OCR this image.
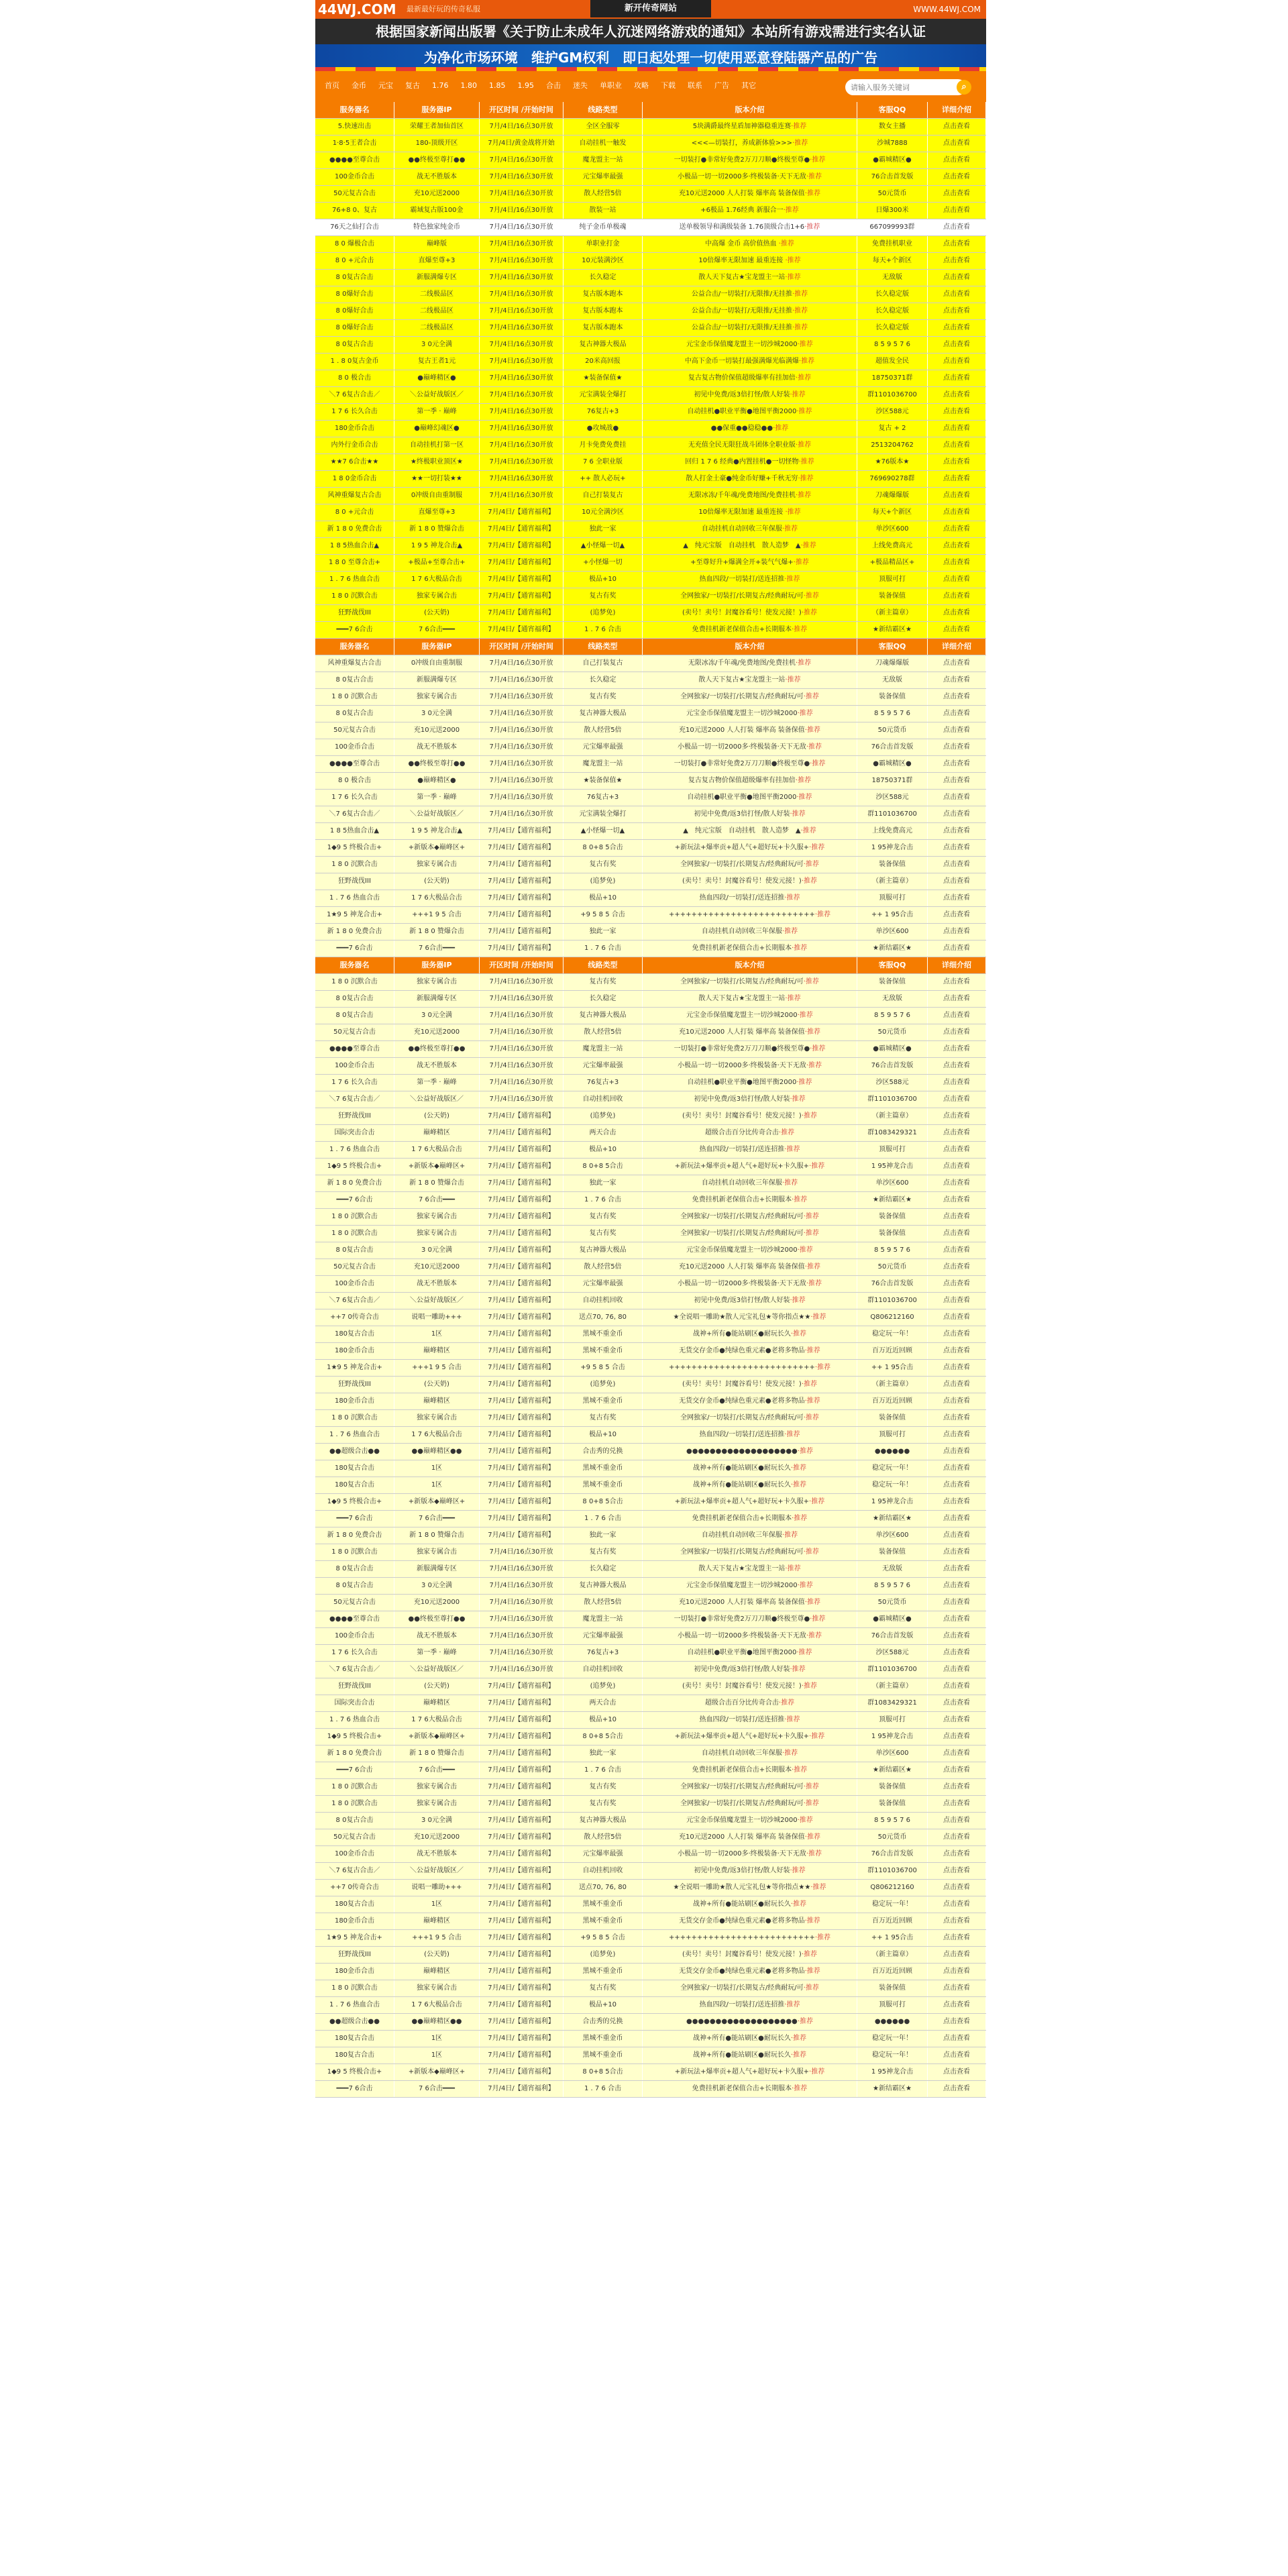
44WJ.COM 最新最好玩的传奇私服	新开传奇网站	WWW.44WJ.COM
根据国家新闻出版署《关于防止未成年人沉迷网络游戏的通知》本站所有游戏需进行实名认证
为净化市场环境　维护GM权利　即日起处理一切使用恶意登陆器产品的广告
首页	金币	元宝	复古	1.76	1.80	1.85	1.95	合击	迷失	单职业	攻略	下载	联系	广告	其它
请输入服务关键词	⌕
服务器名	服务器IP	开区时间 /开始时间	线路类型	版本介绍	客服QQ	详细介绍
5.快速出击	荣耀王者加仙首区	7月/4日/16点30开放	全区全服零	5块满爵最终星盾加神器稳重连赛·推荐	数女主播	点击查看
1·8·5王者合击	180-顶级开区	7月/4日/黄金战将开始	自动挂机一触发	<<<—切装打，养成新体验>>>·推荐	沙城7888	点击查看
●●●●至尊合击	●●终极至尊打●●	7月/4日/16点30开放	魔龙盟主一站	一切装打●非常好免费2万刀刀顺●终极至尊●·推荐	●霸城精区●	点击查看
100金币合击	战无不胜版本	7月/4日/16点30开放	元宝爆率最强	小极品一切一切2000多·终极装备·天下无敌·推荐	76合击首发版	点击查看
50元复古合击	充10元送2000	7月/4日/16点30开放	散人经营5倍	充10元送2000 人人打装 爆率高 装备保值·推荐	50元货币	点击查看
76+8 0、复古	霸域复古版100金	7月/4日/16点30开放	散装一站	+6极品 1.76经典 新服合一·推荐	日爆300米	点击查看
76天之仙打合击	特色独家纯金币	7月/4日/16点30开放	纯子金币单极魂	送单极领导和满级装备 1.76顶级合击1+6·推荐	667099993群	点击查看
8 0 爆极合击	巅峰版	7月/4日/16点30开放	单职业打金	中高爆 金币 高价值热血 ·推荐	免费挂机职业	点击查看
8 0 +元合击	直爆至尊+3	7月/4日/16点30开放	10元装满沙区	10倍爆率无限加速 最重连接 ·推荐	每天+个新区	点击查看
8 0复古合击	新服满爆专区	7月/4日/16点30开放	长久稳定	散人天下复古★宝龙盟主一站·推荐	无敌版	点击查看
8 0爆好合击	二线极品区	7月/4日/16点30开放	复古版本跑本	公益合击/一切装打/无限推/无挂推·推荐	长久稳定版	点击查看
8 0爆好合击	二线极品区	7月/4日/16点30开放	复古版本跑本	公益合击/一切装打/无限推/无挂推·推荐	长久稳定版	点击查看
8 0爆好合击	二线极品区	7月/4日/16点30开放	复古版本跑本	公益合击/一切装打/无限推/无挂推·推荐	长久稳定版	点击查看
8 0复古合击	3 0元全满	7月/4日/16点30开放	复古神器大极品	元宝金币保值魔龙盟主一切沙城2000·推荐	8 5 9 5 7 6	点击查看
1 . 8 0复古金币	复古王者1元	7月/4日/16点30开放	20米高回报	中高下金币一切装打最强满爆光临满爆·推荐	超值发全民	点击查看
8 0 极合击	●巅峰精区●	7月/4日/16点30开放	★装备保值★	复古复古物价保值超级爆率有挂加倍·推荐	18750371群	点击查看
＼7 6复古合击／	＼公益好战版区／	7月/4日/16点30开放	元宝满装全爆打	初见中免费/返3倍打怪/散人好装·推荐	群1101036700	点击查看
1 7 6 长久合击	第一季 · 巅峰	7月/4日/16点30开放	76复古+3	自动挂机●职业平衡●地图平衡2000·推荐	沙区588元	点击查看
180金币合击	●巅峰幻魂区●	7月/4日/16点30开放	●攻城战●	●●保重●●稳稳●●·推荐	复古 + 2	点击查看
内外行金币合击	自动挂机打第一区	7月/4日/16点30开放	月卡免费免费挂	无充值全民无限狂战斗团体全职业版·推荐	2513204762	点击查看
★★7 6合击★★	★终极职业顶区★	7月/4日/16点30开放	7 6 全职业版	回归 1 7 6 经典●内置挂机●一切怪物·推荐	★76版本★	点击查看
1 8 0金币合击	★★一切打装★★	7月/4日/16点30开放	++ 散人必玩+	散人打金土豪●纯金币好赚+千秋无穷·推荐	769690278群	点击查看
风神重爆复古合击	0冲级自由重制服	7月/4日/16点30开放	自己打装复古	无限冰冻/千年魂/免费地图/免费挂机·推荐	刀魂爆爆版	点击查看
8 0 +元合击	直爆至尊+3	7月/4日/【通宵福利】	10元全满沙区	10倍爆率无限加速 最重连接 ·推荐	每天+个新区	点击查看
新 1 8 0 免费合击	新 1 8 0 赞爆合击	7月/4日/【通宵福利】	独此一家	自动挂机自动回收三年保服·推荐	单沙区600	点击查看
1 8 5热血合击▲	1 9 5 神龙合击▲	7月/4日/【通宵福利】	▲小怪爆一切▲	▲　纯元宝版　自动挂机　散人造梦　▲·推荐	上线免费高元	点击查看
1 8 0 至尊合击+	+极品+至尊合击+	7月/4日/【通宵福利】	+小怪爆一切	+至尊好升+爆满全开+装气气爆+·推荐	+极品精品区+	点击查看
1 . 7 6 热血合击	1 7 6大极品合击	7月/4日/【通宵福利】	极品+10	热血四段/一切装打/送连招推·推荐	顶服可打	点击查看
1 8 0 沉默合击	独家专属合击	7月/4日/【通宵福利】	复古有奖	全网独家/一切装打/长期复古/经典耐玩/可·推荐	装备保值	点击查看
狂野战伐III	(公天奶)	7月/4日/【通宵福利】	(追梦免)	(卖号！卖号！封魔谷看号！使发元接！)·推荐	（新主篇章）	点击查看
━━━7 6合击	7 6合击━━━	7月/4日/【通宵福利】	1 . 7 6 合击	免费挂机新老保值合击+长期服本·推荐	★新结霸区★	点击查看
服务器名	服务器IP	开区时间 /开始时间	线路类型	版本介绍	客服QQ	详细介绍
风神重爆复古合击	0冲级自由重制服	7月/4日/16点30开放	自己打装复古	无限冰冻/千年魂/免费地图/免费挂机·推荐	刀魂爆爆版	点击查看
8 0复古合击	新服满爆专区	7月/4日/16点30开放	长久稳定	散人天下复古★宝龙盟主一站·推荐	无敌版	点击查看
1 8 0 沉默合击	独家专属合击	7月/4日/16点30开放	复古有奖	全网独家/一切装打/长期复古/经典耐玩/可·推荐	装备保值	点击查看
8 0复古合击	3 0元全满	7月/4日/16点30开放	复古神器大极品	元宝金币保值魔龙盟主一切沙城2000·推荐	8 5 9 5 7 6	点击查看
50元复古合击	充10元送2000	7月/4日/16点30开放	散人经营5倍	充10元送2000 人人打装 爆率高 装备保值·推荐	50元货币	点击查看
100金币合击	战无不胜版本	7月/4日/16点30开放	元宝爆率最强	小极品一切一切2000多·终极装备·天下无敌·推荐	76合击首发版	点击查看
●●●●至尊合击	●●终极至尊打●●	7月/4日/16点30开放	魔龙盟主一站	一切装打●非常好免费2万刀刀顺●终极至尊●·推荐	●霸城精区●	点击查看
8 0 极合击	●巅峰精区●	7月/4日/16点30开放	★装备保值★	复古复古物价保值超级爆率有挂加倍·推荐	18750371群	点击查看
1 7 6 长久合击	第一季 · 巅峰	7月/4日/16点30开放	76复古+3	自动挂机●职业平衡●地图平衡2000·推荐	沙区588元	点击查看
＼7 6复古合击／	＼公益好战版区／	7月/4日/16点30开放	元宝满装全爆打	初见中免费/返3倍打怪/散人好装·推荐	群1101036700	点击查看
1 8 5热血合击▲	1 9 5 神龙合击▲	7月/4日/【通宵福利】	▲小怪爆一切▲	▲　纯元宝版　自动挂机　散人造梦　▲·推荐	上线免费高元	点击查看
1◆9 5 终极合击+	+新版本◆巅峰区+	7月/4日/【通宵福利】	8 0+8 5合击	+新玩法+爆率贡+超人气+超好玩+卡久服+·推荐	1 95神龙合击	点击查看
1 8 0 沉默合击	独家专属合击	7月/4日/【通宵福利】	复古有奖	全网独家/一切装打/长期复古/经典耐玩/可·推荐	装备保值	点击查看
狂野战伐III	(公天奶)	7月/4日/【通宵福利】	(追梦免)	(卖号！卖号！封魔谷看号！使发元接！)·推荐	（新主篇章）	点击查看
1 . 7 6 热血合击	1 7 6大极品合击	7月/4日/【通宵福利】	极品+10	热血四段/一切装打/送连招推·推荐	顶服可打	点击查看
1★9 5 神龙合击+	+++1 9 5 合击	7月/4日/【通宵福利】	+9 5 8 5 合击	++++++++++++++++++++++++++·推荐	++ 1 95合击	点击查看
新 1 8 0 免费合击	新 1 8 0 赞爆合击	7月/4日/【通宵福利】	独此一家	自动挂机自动回收三年保服·推荐	单沙区600	点击查看
━━━7 6合击	7 6合击━━━	7月/4日/【通宵福利】	1 . 7 6 合击	免费挂机新老保值合击+长期服本·推荐	★新结霸区★	点击查看
服务器名	服务器IP	开区时间 /开始时间	线路类型	版本介绍	客服QQ	详细介绍
1 8 0 沉默合击	独家专属合击	7月/4日/16点30开放	复古有奖	全网独家/一切装打/长期复古/经典耐玩/可·推荐	装备保值	点击查看
8 0复古合击	新服满爆专区	7月/4日/16点30开放	长久稳定	散人天下复古★宝龙盟主一站·推荐	无敌版	点击查看
8 0复古合击	3 0元全满	7月/4日/16点30开放	复古神器大极品	元宝金币保值魔龙盟主一切沙城2000·推荐	8 5 9 5 7 6	点击查看
50元复古合击	充10元送2000	7月/4日/16点30开放	散人经营5倍	充10元送2000 人人打装 爆率高 装备保值·推荐	50元货币	点击查看
●●●●至尊合击	●●终极至尊打●●	7月/4日/16点30开放	魔龙盟主一站	一切装打●非常好免费2万刀刀顺●终极至尊●·推荐	●霸城精区●	点击查看
100金币合击	战无不胜版本	7月/4日/16点30开放	元宝爆率最强	小极品一切一切2000多·终极装备·天下无敌·推荐	76合击首发版	点击查看
1 7 6 长久合击	第一季 · 巅峰	7月/4日/16点30开放	76复古+3	自动挂机●职业平衡●地图平衡2000·推荐	沙区588元	点击查看
＼7 6复古合击／	＼公益好战版区／	7月/4日/16点30开放	自动挂机回收	初见中免费/返3倍打怪/散人好装·推荐	群1101036700	点击查看
狂野战伐III	(公天奶)	7月/4日/【通宵福利】	(追梦免)	(卖号！卖号！封魔谷看号！使发元接！)·推荐	（新主篇章）	点击查看
国际突击合击	巅峰精区	7月/4日/【通宵福利】	两天合击	超级合击百分比传奇合击·推荐	群1083429321	点击查看
1 . 7 6 热血合击	1 7 6大极品合击	7月/4日/【通宵福利】	极品+10	热血四段/一切装打/送连招推·推荐	顶服可打	点击查看
1◆9 5 终极合击+	+新版本◆巅峰区+	7月/4日/【通宵福利】	8 0+8 5合击	+新玩法+爆率贡+超人气+超好玩+卡久服+·推荐	1 95神龙合击	点击查看
新 1 8 0 免费合击	新 1 8 0 赞爆合击	7月/4日/【通宵福利】	独此一家	自动挂机自动回收三年保服·推荐	单沙区600	点击查看
━━━7 6合击	7 6合击━━━	7月/4日/【通宵福利】	1 . 7 6 合击	免费挂机新老保值合击+长期服本·推荐	★新结霸区★	点击查看
1 8 0 沉默合击	独家专属合击	7月/4日/【通宵福利】	复古有奖	全网独家/一切装打/长期复古/经典耐玩/可·推荐	装备保值	点击查看
1 8 0 沉默合击	独家专属合击	7月/4日/【通宵福利】	复古有奖	全网独家/一切装打/长期复古/经典耐玩/可·推荐	装备保值	点击查看
8 0复古合击	3 0元全满	7月/4日/【通宵福利】	复古神器大极品	元宝金币保值魔龙盟主一切沙城2000·推荐	8 5 9 5 7 6	点击查看
50元复古合击	充10元送2000	7月/4日/【通宵福利】	散人经营5倍	充10元送2000 人人打装 爆率高 装备保值·推荐	50元货币	点击查看
100金币合击	战无不胜版本	7月/4日/【通宵福利】	元宝爆率最强	小极品一切一切2000多·终极装备·天下无敌·推荐	76合击首发版	点击查看
＼7 6复古合击／	＼公益好战版区／	7月/4日/【通宵福利】	自动挂机回收	初见中免费/返3倍打怪/散人好装·推荐	群1101036700	点击查看
++7 0传奇合击	说唱一雕助+++	7月/4日/【通宵福利】	送点70, 76, 80	★全说唱一雕助★散人元宝礼包★等你指点★★·推荐	Q806212160	点击查看
180复古合击	1区	7月/4日/【通宵福利】	黑城不重金币	战神+所有●能站刷区●耐玩长久·推荐	稳定玩一年！	点击查看
180金币合击	巅峰精区	7月/4日/【通宵福利】	黑城不重金币	无货交存金币●纯绿色重元素●老将多物品·推荐	百万近近回顾	点击查看
1★9 5 神龙合击+	+++1 9 5 合击	7月/4日/【通宵福利】	+9 5 8 5 合击	++++++++++++++++++++++++++·推荐	++ 1 95合击	点击查看
狂野战伐III	(公天奶)	7月/4日/【通宵福利】	(追梦免)	(卖号！卖号！封魔谷看号！使发元接！)·推荐	（新主篇章）	点击查看
180金币合击	巅峰精区	7月/4日/【通宵福利】	黑城不重金币	无货交存金币●纯绿色重元素●老将多物品·推荐	百万近近回顾	点击查看
1 8 0 沉默合击	独家专属合击	7月/4日/【通宵福利】	复古有奖	全网独家/一切装打/长期复古/经典耐玩/可·推荐	装备保值	点击查看
1 . 7 6 热血合击	1 7 6大极品合击	7月/4日/【通宵福利】	极品+10	热血四段/一切装打/送连招推·推荐	顶服可打	点击查看
●●超级合击●●	●●巅峰精区●●	7月/4日/【通宵福利】	合击秀的兑换	●●●●●●●●●●●●●●●●●●●·推荐	●●●●●●	点击查看
180复古合击	1区	7月/4日/【通宵福利】	黑城不重金币	战神+所有●能站刷区●耐玩长久·推荐	稳定玩一年！	点击查看
180复古合击	1区	7月/4日/【通宵福利】	黑城不重金币	战神+所有●能站刷区●耐玩长久·推荐	稳定玩一年！	点击查看
1◆9 5 终极合击+	+新版本◆巅峰区+	7月/4日/【通宵福利】	8 0+8 5合击	+新玩法+爆率贡+超人气+超好玩+卡久服+·推荐	1 95神龙合击	点击查看
━━━7 6合击	7 6合击━━━	7月/4日/【通宵福利】	1 . 7 6 合击	免费挂机新老保值合击+长期服本·推荐	★新结霸区★	点击查看
新 1 8 0 免费合击	新 1 8 0 赞爆合击	7月/4日/【通宵福利】	独此一家	自动挂机自动回收三年保服·推荐	单沙区600	点击查看
1 8 0 沉默合击	独家专属合击	7月/4日/16点30开放	复古有奖	全网独家/一切装打/长期复古/经典耐玩/可·推荐	装备保值	点击查看
8 0复古合击	新服满爆专区	7月/4日/16点30开放	长久稳定	散人天下复古★宝龙盟主一站·推荐	无敌版	点击查看
8 0复古合击	3 0元全满	7月/4日/16点30开放	复古神器大极品	元宝金币保值魔龙盟主一切沙城2000·推荐	8 5 9 5 7 6	点击查看
50元复古合击	充10元送2000	7月/4日/16点30开放	散人经营5倍	充10元送2000 人人打装 爆率高 装备保值·推荐	50元货币	点击查看
●●●●至尊合击	●●终极至尊打●●	7月/4日/16点30开放	魔龙盟主一站	一切装打●非常好免费2万刀刀顺●终极至尊●·推荐	●霸城精区●	点击查看
100金币合击	战无不胜版本	7月/4日/16点30开放	元宝爆率最强	小极品一切一切2000多·终极装备·天下无敌·推荐	76合击首发版	点击查看
1 7 6 长久合击	第一季 · 巅峰	7月/4日/16点30开放	76复古+3	自动挂机●职业平衡●地图平衡2000·推荐	沙区588元	点击查看
＼7 6复古合击／	＼公益好战版区／	7月/4日/16点30开放	自动挂机回收	初见中免费/返3倍打怪/散人好装·推荐	群1101036700	点击查看
狂野战伐III	(公天奶)	7月/4日/【通宵福利】	(追梦免)	(卖号！卖号！封魔谷看号！使发元接！)·推荐	（新主篇章）	点击查看
国际突击合击	巅峰精区	7月/4日/【通宵福利】	两天合击	超级合击百分比传奇合击·推荐	群1083429321	点击查看
1 . 7 6 热血合击	1 7 6大极品合击	7月/4日/【通宵福利】	极品+10	热血四段/一切装打/送连招推·推荐	顶服可打	点击查看
1◆9 5 终极合击+	+新版本◆巅峰区+	7月/4日/【通宵福利】	8 0+8 5合击	+新玩法+爆率贡+超人气+超好玩+卡久服+·推荐	1 95神龙合击	点击查看
新 1 8 0 免费合击	新 1 8 0 赞爆合击	7月/4日/【通宵福利】	独此一家	自动挂机自动回收三年保服·推荐	单沙区600	点击查看
━━━7 6合击	7 6合击━━━	7月/4日/【通宵福利】	1 . 7 6 合击	免费挂机新老保值合击+长期服本·推荐	★新结霸区★	点击查看
1 8 0 沉默合击	独家专属合击	7月/4日/【通宵福利】	复古有奖	全网独家/一切装打/长期复古/经典耐玩/可·推荐	装备保值	点击查看
1 8 0 沉默合击	独家专属合击	7月/4日/【通宵福利】	复古有奖	全网独家/一切装打/长期复古/经典耐玩/可·推荐	装备保值	点击查看
8 0复古合击	3 0元全满	7月/4日/【通宵福利】	复古神器大极品	元宝金币保值魔龙盟主一切沙城2000·推荐	8 5 9 5 7 6	点击查看
50元复古合击	充10元送2000	7月/4日/【通宵福利】	散人经营5倍	充10元送2000 人人打装 爆率高 装备保值·推荐	50元货币	点击查看
100金币合击	战无不胜版本	7月/4日/【通宵福利】	元宝爆率最强	小极品一切一切2000多·终极装备·天下无敌·推荐	76合击首发版	点击查看
＼7 6复古合击／	＼公益好战版区／	7月/4日/【通宵福利】	自动挂机回收	初见中免费/返3倍打怪/散人好装·推荐	群1101036700	点击查看
++7 0传奇合击	说唱一雕助+++	7月/4日/【通宵福利】	送点70, 76, 80	★全说唱一雕助★散人元宝礼包★等你指点★★·推荐	Q806212160	点击查看
180复古合击	1区	7月/4日/【通宵福利】	黑城不重金币	战神+所有●能站刷区●耐玩长久·推荐	稳定玩一年！	点击查看
180金币合击	巅峰精区	7月/4日/【通宵福利】	黑城不重金币	无货交存金币●纯绿色重元素●老将多物品·推荐	百万近近回顾	点击查看
1★9 5 神龙合击+	+++1 9 5 合击	7月/4日/【通宵福利】	+9 5 8 5 合击	++++++++++++++++++++++++++·推荐	++ 1 95合击	点击查看
狂野战伐III	(公天奶)	7月/4日/【通宵福利】	(追梦免)	(卖号！卖号！封魔谷看号！使发元接！)·推荐	（新主篇章）	点击查看
180金币合击	巅峰精区	7月/4日/【通宵福利】	黑城不重金币	无货交存金币●纯绿色重元素●老将多物品·推荐	百万近近回顾	点击查看
1 8 0 沉默合击	独家专属合击	7月/4日/【通宵福利】	复古有奖	全网独家/一切装打/长期复古/经典耐玩/可·推荐	装备保值	点击查看
1 . 7 6 热血合击	1 7 6大极品合击	7月/4日/【通宵福利】	极品+10	热血四段/一切装打/送连招推·推荐	顶服可打	点击查看
●●超级合击●●	●●巅峰精区●●	7月/4日/【通宵福利】	合击秀的兑换	●●●●●●●●●●●●●●●●●●●·推荐	●●●●●●	点击查看
180复古合击	1区	7月/4日/【通宵福利】	黑城不重金币	战神+所有●能站刷区●耐玩长久·推荐	稳定玩一年！	点击查看
180复古合击	1区	7月/4日/【通宵福利】	黑城不重金币	战神+所有●能站刷区●耐玩长久·推荐	稳定玩一年！	点击查看
1◆9 5 终极合击+	+新版本◆巅峰区+	7月/4日/【通宵福利】	8 0+8 5合击	+新玩法+爆率贡+超人气+超好玩+卡久服+·推荐	1 95神龙合击	点击查看
━━━7 6合击	7 6合击━━━	7月/4日/【通宵福利】	1 . 7 6 合击	免费挂机新老保值合击+长期服本·推荐	★新结霸区★	点击查看
